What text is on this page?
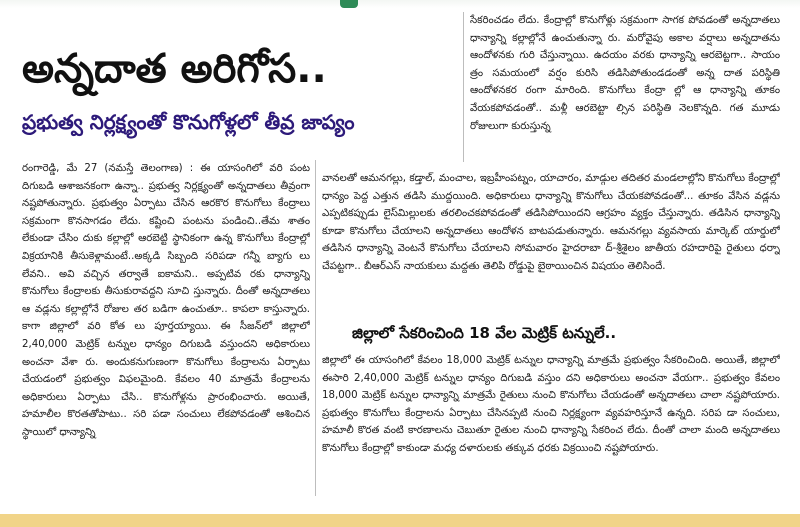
అన్నదాత అరిగోస..
ప్రభుత్వ నిర్లక్ష్యంతో కొనుగోళ్లలో తీవ్ర జాప్యం

రంగారెడ్డి, మే 27 (నమస్తే తెలంగాణ) : ఈ యాసంగిలో వరి పంట దిగుబడి ఆశాజనకంగా ఉన్నా.. ప్రభుత్వ నిర్లక్ష్యంతో అన్నదాతలు తీవ్రంగా నష్టపోతున్నారు. ప్రభుత్వం ఏర్పాటు చేసిన ఆరకొర కొనుగోలు కేంద్రాలు సక్రమంగా కొనసాగడం లేదు. కష్టించి పంటను పండించి..తేమ శాతం లేకుండా చేసిం దుకు కల్లాల్లో ఆరబెట్టి స్థానికంగా ఉన్న కొనుగోలు కేంద్రాల్లో విక్రయానికి తీసుకెళ్లామంటే..అక్కడి సిబ్బంది సరిపడా గన్నీ బ్యాగు లు లేవని.. అవి వచ్చిన తర్వాతే ఐకామని.. అప్పటివ రకు ధాన్యాన్ని కొనుగోలు కేంద్రాలకు తీసుకురావద్దని సూచి స్తున్నారు. దీంతో అన్నదాతలు ఆ వడ్లను కల్లాల్లోనే రోజుల తర బడిగా ఉంచుతూ.. కాపలా కాస్తున్నారు. కాగా జిల్లాలో వరి కోత లు పూర్తయ్యాయి. ఈ సీజన్‌లో జిల్లాలో 2,40,000 మెట్రిక్‌ టన్నుల ధాన్యం దిగుబడి వస్తుందని అధికారులు అంచనా వేశా రు. అందుకనుగుణంగా కొనుగోలు కేంద్రాలను ఏర్పాటు చేయడంలో ప్రభుత్వం విఫలమైంది. కేవలం 40 మాత్రమే కేంద్రాలను అధికారులు ఏర్పాటు చేసి.. కొనుగోళ్లను ప్రారంభించారు. అయితే, హమాలీల కొరతతోపాటు.. సరి పడా సంచులు లేకపోవడంతో ఆశించిన స్థాయిలో ధాన్యాన్ని

సేకరించడం లేదు. కేంద్రాల్లో కొనుగోళ్లు సక్రమంగా సాగక పోవడంతో అన్నదాతలు ధాన్యాన్ని కల్లాల్లోనే ఉంచుతున్నా రు. మరోవైపు అకాల వర్షాలు అన్నదాతను ఆందోళనకు గురి చేస్తున్నాయి. ఉదయం వరకు ధాన్యాన్ని ఆరబెట్టగా.. సాయం త్రం సమయంలో వర్షం కురిసి తడిసిపోతుండడంతో అన్న దాత పరిస్థితి ఆందోళనకర రంగా మారింది. కొనుగోలు కేంద్రా ల్లో ఆ ధాన్యాన్ని తూకం వేయకపోవడంతో.. మళ్లీ ఆరబెట్టా ల్సిన పరిస్థితి నెలకొన్నది. గత మూడు రోజులుగా కురుస్తున్న

వానలతో ఆమనగల్లు, కడ్తాల్‌, మంచాల, ఇబ్రహీంపట్నం, యాచారం, మాడ్గుల తదితర మండలాల్లోని కొనుగోలు కేంద్రాల్లో ధాన్యం పెద్ద ఎత్తున తడిసి ముద్దయింది. అధికారులు ధాన్యాన్ని కొనుగోలు చేయకపోవడంతో... తూకం వేసిన వడ్లను ఎప్పటికప్పుడు లైస్‌మిల్లులకు తరలించకపోవడంతో తడిసిపోయిందని ఆగ్రహం వ్యక్తం చేస్తున్నారు. తడిసిన ధాన్యాన్ని కూడా కొనుగోలు చేయాలని అన్నదాతలు ఆందోళన బాటపడుతున్నారు. ఆమనగల్లు వ్యవసాయ మార్కెట్‌ యార్డులో తడిసిన ధాన్యాన్ని వెంటనే కొనుగోలు చేయాలని సోమవారం హైదరాబా ద్‌-శ్రీశైలం జాతీయ రహదారిపై రైతులు ధర్నా చేపట్టగా.. బీఆర్‌ఎస్‌ నాయకులు మద్దతు తెలిపి రోడ్డుపై బైఠాయించిన విషయం తెలిసిందే.

జిల్లాలో సేకరించింది 18 వేల మెట్రిక్‌ టన్నులే..

జిల్లాలో ఈ యాసంగిలో కేవలం 18,000 మెట్రిక్‌ టన్నుల ధాన్యాన్ని మాత్రమే ప్రభుత్వం సేకరించింది. అయితే, జిల్లాలో ఈసారి 2,40,000 మెట్రిక్‌ టన్నుల ధాన్యం దిగుబడి వస్తుం దని అధికారులు అంచనా వేయగా.. ప్రభుత్వం కేవలం 18,000 మెట్రిక్‌ టన్నుల ధాన్యాన్ని మాత్రమే రైతులు నుంచి కొనుగోలు చేయడంతో అన్నదాతలు చాలా నష్టపోయారు. ప్రభుత్వం కొనుగోలు కేంద్రాలను ఏర్పాటు చేసినప్పటి నుంచి నిర్లక్ష్యంగా వ్యవహరిస్తూనే ఉన్నది. సరిప డా సంచులు, హమాలీ కొరత వంటి కారణాలను చెబుతూ రైతుల నుంచి ధాన్యాన్ని సేకరించ లేదు. దీంతో చాలా మంది అన్నదాతలు కొనుగోలు కేంద్రాల్లో కాకుండా మధ్య దళారులకు తక్కువ ధరకు విక్రయించి నష్టపోయారు.
